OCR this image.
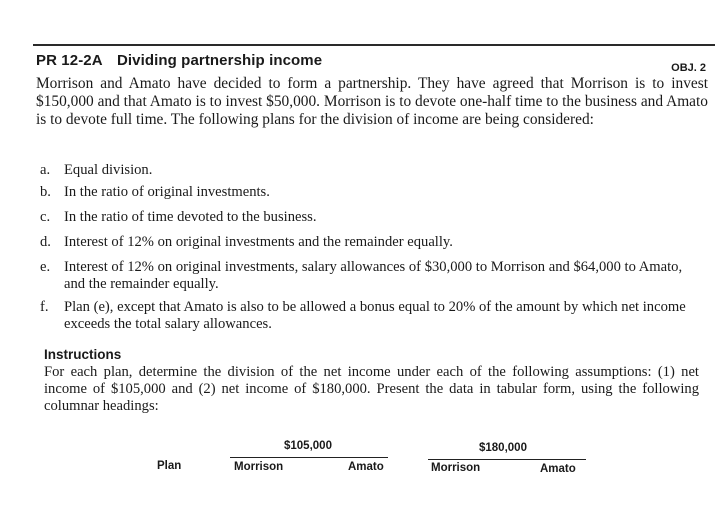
PR 12-2A Dividing partnership income	OBJ. 2
Morrison and Amato have decided to form a partnership. They have agreed that Morrison is to invest $150,000 and that Amato is to invest $50,000. Morrison is to devote one-half time to the business and Amato is to devote full time. The following plans for the division of income are being considered:
a. Equal division.
b. In the ratio of original investments.
c. In the ratio of time devoted to the business.
d. Interest of 12% on original investments and the remainder equally.
e. Interest of 12% on original investments, salary allowances of $30,000 to Morrison and $64,000 to Amato, and the remainder equally.
f. Plan (e), except that Amato is also to be allowed a bonus equal to 20% of the amount by which net income exceeds the total salary allowances.
Instructions
For each plan, determine the division of the net income under each of the following assumptions: (1) net income of $105,000 and (2) net income of $180,000. Present the data in tabular form, using the following columnar headings:
$105,000	$180,000
Plan	Morrison	Amato	Morrison	Amato
